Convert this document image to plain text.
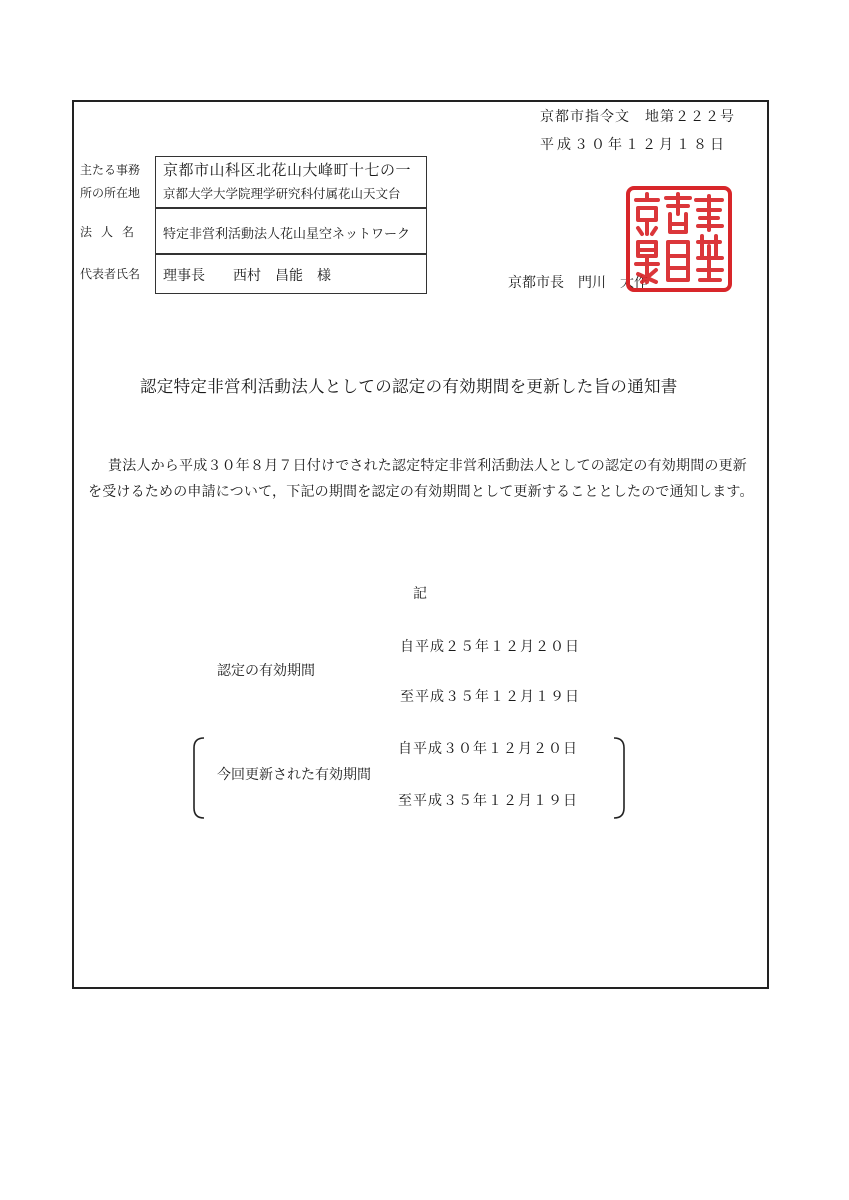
京都市指令文　地第２２２号
平成３０年１２月１８日
主たる事務
所の所在地
法人名
代表者氏名
京都市山科区北花山大峰町十七の一
京都大学大学院理学研究科付属花山天文台
特定非営利活動法人花山星空ネットワーク
理事長　　西村　昌能　様	京都市長　門川　大作
認定特定非営利活動法人としての認定の有効期間を更新した旨の通知書
貴法人から平成３０年８月７日付けでされた認定特定非営利活動法人としての認定の有効期間の更新を受けるための申請について，下記の期間を認定の有効期間として更新することとしたので通知します。
記
自平成２５年１２月２０日
認定の有効期間
至平成３５年１２月１９日
自平成３０年１２月２０日
今回更新された有効期間
至平成３５年１２月１９日
